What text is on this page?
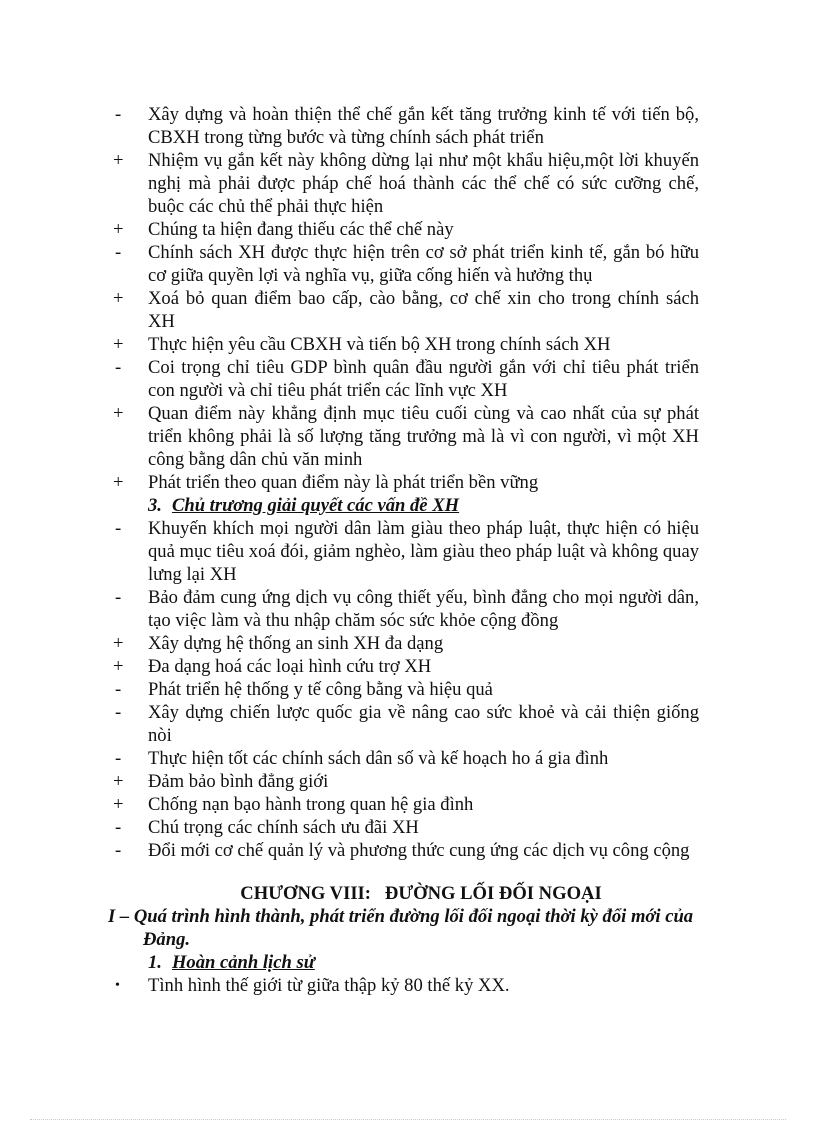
-	Xây dựng và hoàn thiện thể chế gắn kết tăng trưởng kinh tế với tiến bộ, CBXH trong từng bước và từng chính sách phát triển
+	Nhiệm vụ gắn kết này không dừng lại như một khẩu hiệu,một lời khuyến nghị mà phải được pháp chế hoá thành các thể chế có sức cưỡng chế, buộc các chủ thể phải thực hiện
+	Chúng ta hiện đang thiếu các thể chế này
-	Chính sách XH được thực hiện trên cơ sở phát triển kinh tế, gắn bó hữu cơ giữa quyền lợi và nghĩa vụ, giữa cống hiến và hưởng thụ
+	Xoá bỏ quan điểm bao cấp, cào bằng, cơ chế xin cho trong chính sách XH
+	Thực hiện yêu cầu CBXH và tiến bộ XH trong chính sách XH
-	Coi trọng chỉ tiêu GDP bình quân đầu người gắn với chỉ tiêu phát triển con người và chỉ tiêu phát triển các lĩnh vực XH
+	Quan điểm này khẳng định mục tiêu cuối cùng và cao nhất của sự phát triển không phải là số lượng tăng trưởng mà là vì con người, vì một XH công bằng dân chủ văn minh
+	Phát triển theo quan điểm này là phát triển bền vững
3. Chủ trương giải quyết các vấn đề XH
-	Khuyến khích mọi người dân làm giàu theo pháp luật, thực hiện có hiệu quả mục tiêu xoá đói, giảm nghèo, làm giàu theo pháp luật và không quay lưng lại XH
-	Bảo đảm cung ứng dịch vụ công thiết yếu, bình đẳng cho mọi người dân, tạo việc làm và thu nhập chăm sóc sức khỏe cộng đồng
+	Xây dựng hệ thống an sinh XH đa dạng
+	Đa dạng hoá các loại hình cứu trợ XH
-	Phát triển hệ thống y tế công bằng và hiệu quả
-	Xây dựng chiến lược quốc gia về nâng cao sức khoẻ và cải thiện giống nòi
-	Thực hiện tốt các chính sách dân số và kế hoạch ho á gia đình
+	Đảm bảo bình đẳng giới
+	Chống nạn bạo hành trong quan hệ gia đình
-	Chú trọng các chính sách ưu đãi XH
-	Đổi mới cơ chế quản lý và phương thức cung ứng các dịch vụ công cộng
CHƯƠNG VIII:   ĐƯỜNG LỐI ĐỐI NGOẠI
I – Quá trình hình thành, phát triển đường lối đối ngoại thời kỳ đổi mới của Đảng.
1. Hoàn cảnh lịch sử
•	Tình hình thế giới từ giữa thập kỷ 80 thế kỷ XX.
